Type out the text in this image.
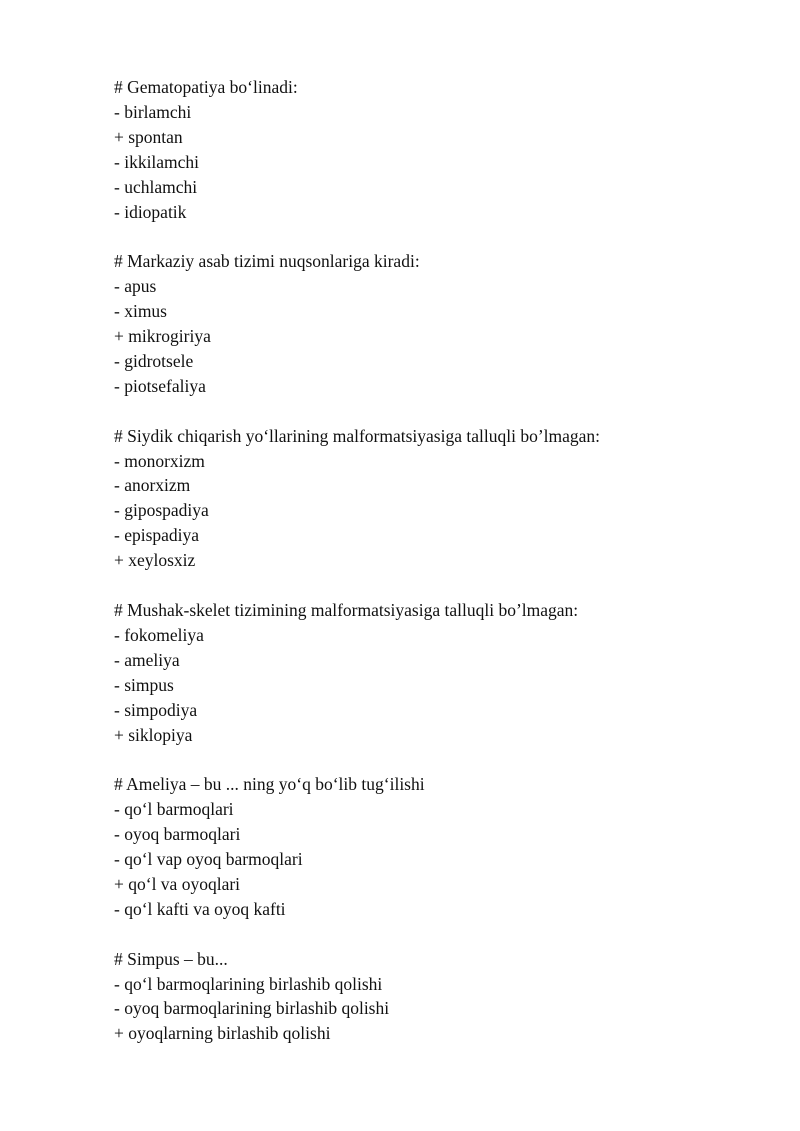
# Gematopatiya bo‘linadi:
- birlamchi
+ spontan
- ikkilamchi
- uchlamchi
- idiopatik
# Markaziy asab tizimi nuqsonlariga kiradi:
- apus
- ximus
+ mikrogiriya
- gidrotsele
- piotsefaliya
# Siydik chiqarish yo‘llarining malformatsiyasiga talluqli bo’lmagan:
- monorxizm
- anorxizm
- gipospadiya
- epispadiya
+ xeylosxiz
# Mushak-skelet tizimining malformatsiyasiga talluqli bo’lmagan:
- fokomeliya
- ameliya
- simpus
- simpodiya
+ siklopiya
# Ameliya – bu ... ning yo‘q bo‘lib tug‘ilishi
- qo‘l barmoqlari
- oyoq barmoqlari
- qo‘l vap oyoq barmoqlari
+ qo‘l va oyoqlari
- qo‘l kafti va oyoq kafti
# Simpus – bu...
- qo‘l barmoqlarining birlashib qolishi
- oyoq barmoqlarining birlashib qolishi
+ oyoqlarning birlashib qolishi
